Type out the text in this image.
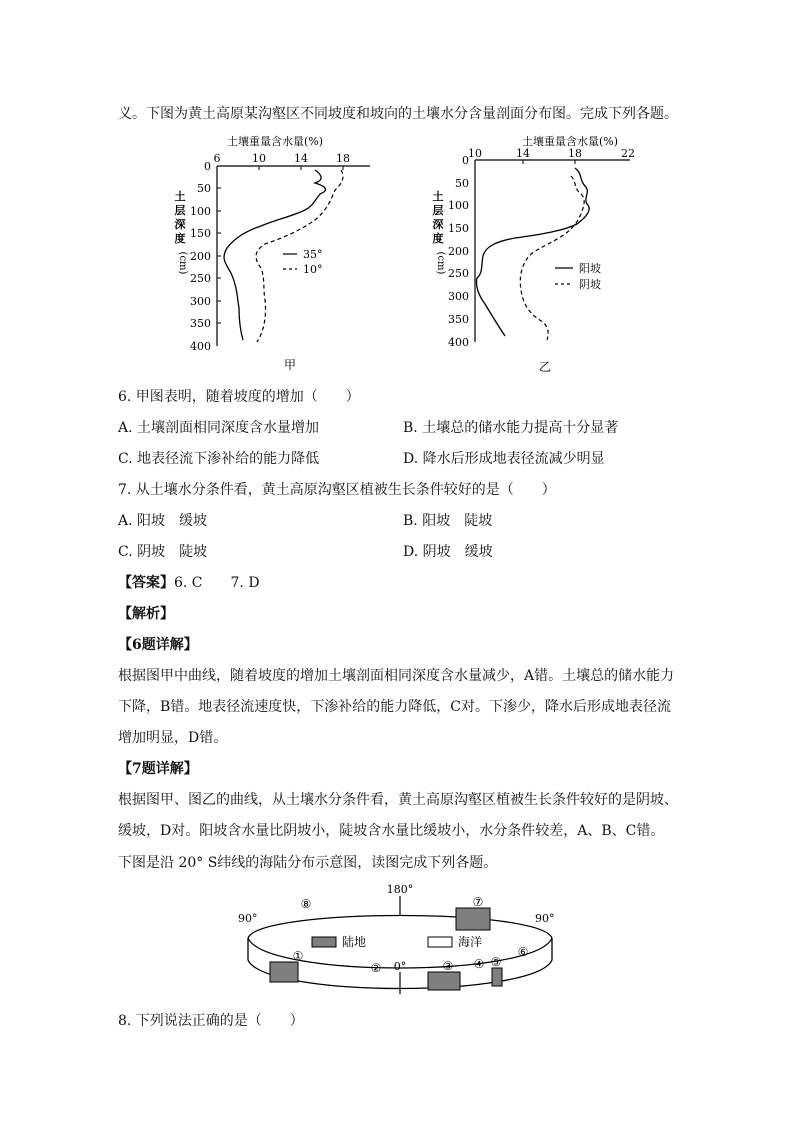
义。下图为黄土高原某沟壑区不同坡度和坡向的土壤水分含量剖面分布图。完成下列各题。
土壤重量含水量(%)
6	10	14	18
0
50
100
150
200
250
300
350
400
土
层
深
度
(cm)	35°
10°
甲
土壤重量含水量(%)
10	14	18	22
0
50
100
150
200
250
300
350
400
土
层
深
度
(cm)	阳坡
阴坡
乙
6. 甲图表明，随着坡度的增加（　　）
A. 土壤剖面相同深度含水量增加	B. 土壤总的储水能力提高十分显著
C. 地表径流下渗补给的能力降低	D. 降水后形成地表径流减少明显
7. 从土壤水分条件看，黄土高原沟壑区植被生长条件较好的是（　　）
A. 阳坡　缓坡	B. 阳坡　陡坡
C. 阴坡　陡坡	D. 阴坡　缓坡
【答案】6. C　　7. D
【解析】
【6题详解】
根据图甲中曲线，随着坡度的增加土壤剖面相同深度含水量减少，A错。土壤总的储水能力
下降，B错。地表径流速度快，下渗补给的能力降低，C对。下渗少，降水后形成地表径流
增加明显，D错。
【7题详解】
根据图甲、图乙的曲线，从土壤水分条件看，黄土高原沟壑区植被生长条件较好的是阴坡、
缓坡，D对。阳坡含水量比阴坡小，陡坡含水量比缓坡小，水分条件较差，A、B、C错。
下图是沿 20° S纬线的海陆分布示意图，读图完成下列各题。
陆地	海洋
180°
90°	90°
0°
①
②	③ ④ ⑤
⑥
⑦
⑧
8. 下列说法正确的是（　　）
